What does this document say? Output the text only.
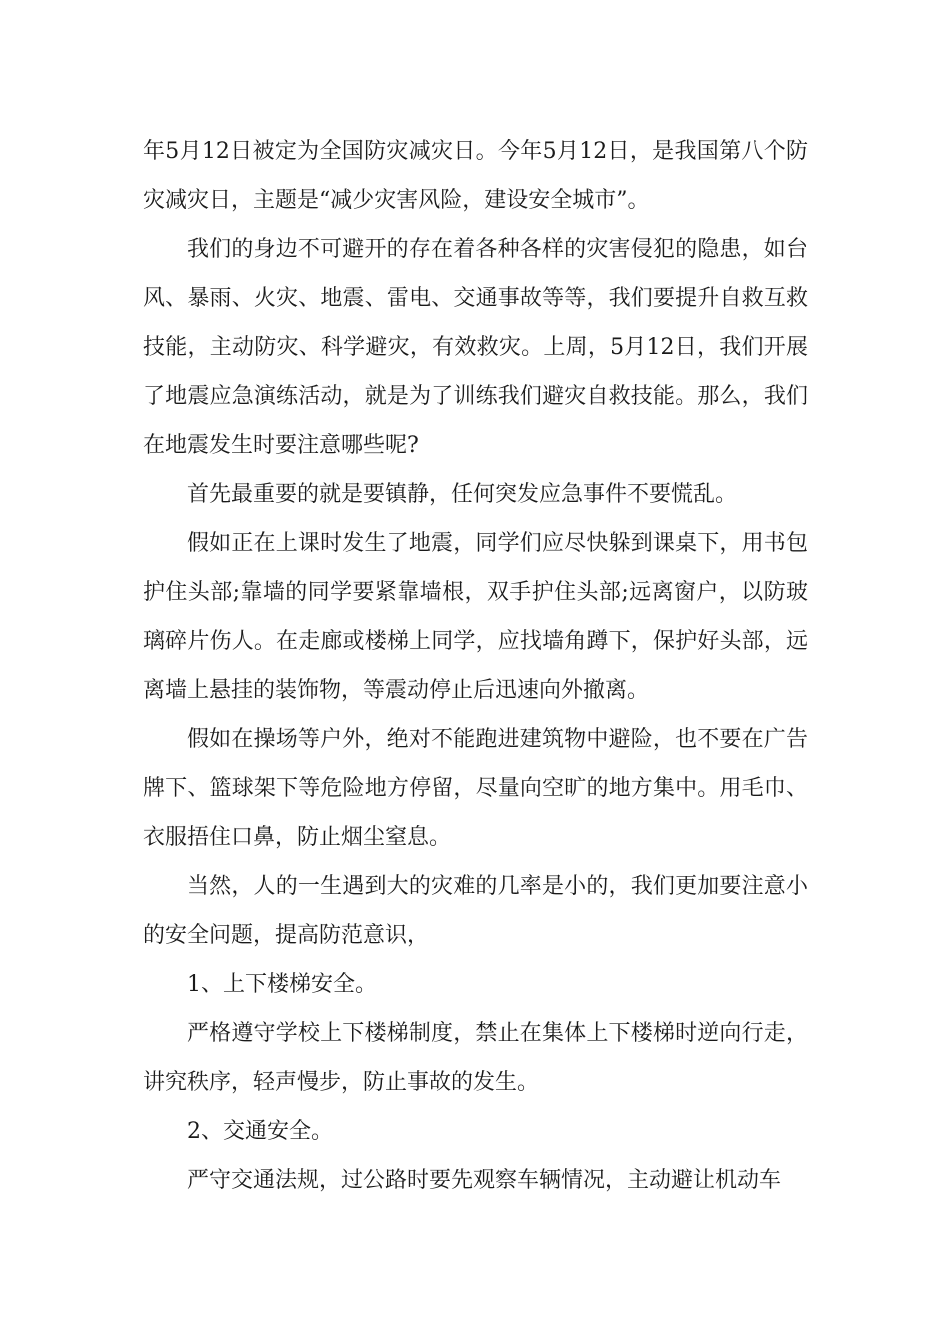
年5月12日被定为全国防灾减灾日。今年5月12日，是我国第八个防灾减灾日，主题是“减少灾害风险，建设安全城市”。

我们的身边不可避开的存在着各种各样的灾害侵犯的隐患，如台风、暴雨、火灾、地震、雷电、交通事故等等，我们要提升自救互救技能，主动防灾、科学避灾，有效救灾。上周，5月12日，我们开展了地震应急演练活动，就是为了训练我们避灾自救技能。那么，我们在地震发生时要注意哪些呢?

首先最重要的就是要镇静，任何突发应急事件不要慌乱。

假如正在上课时发生了地震，同学们应尽快躲到课桌下，用书包护住头部;靠墙的同学要紧靠墙根，双手护住头部;远离窗户，以防玻璃碎片伤人。在走廊或楼梯上同学，应找墙角蹲下，保护好头部，远离墙上悬挂的装饰物，等震动停止后迅速向外撤离。

假如在操场等户外，绝对不能跑进建筑物中避险，也不要在广告牌下、篮球架下等危险地方停留，尽量向空旷的地方集中。用毛巾、衣服捂住口鼻，防止烟尘窒息。

当然，人的一生遇到大的灾难的几率是小的，我们更加要注意小的安全问题，提高防范意识，

1、上下楼梯安全。

严格遵守学校上下楼梯制度，禁止在集体上下楼梯时逆向行走，讲究秩序，轻声慢步，防止事故的发生。

2、交通安全。

严守交通法规，过公路时要先观察车辆情况，主动避让机动车
